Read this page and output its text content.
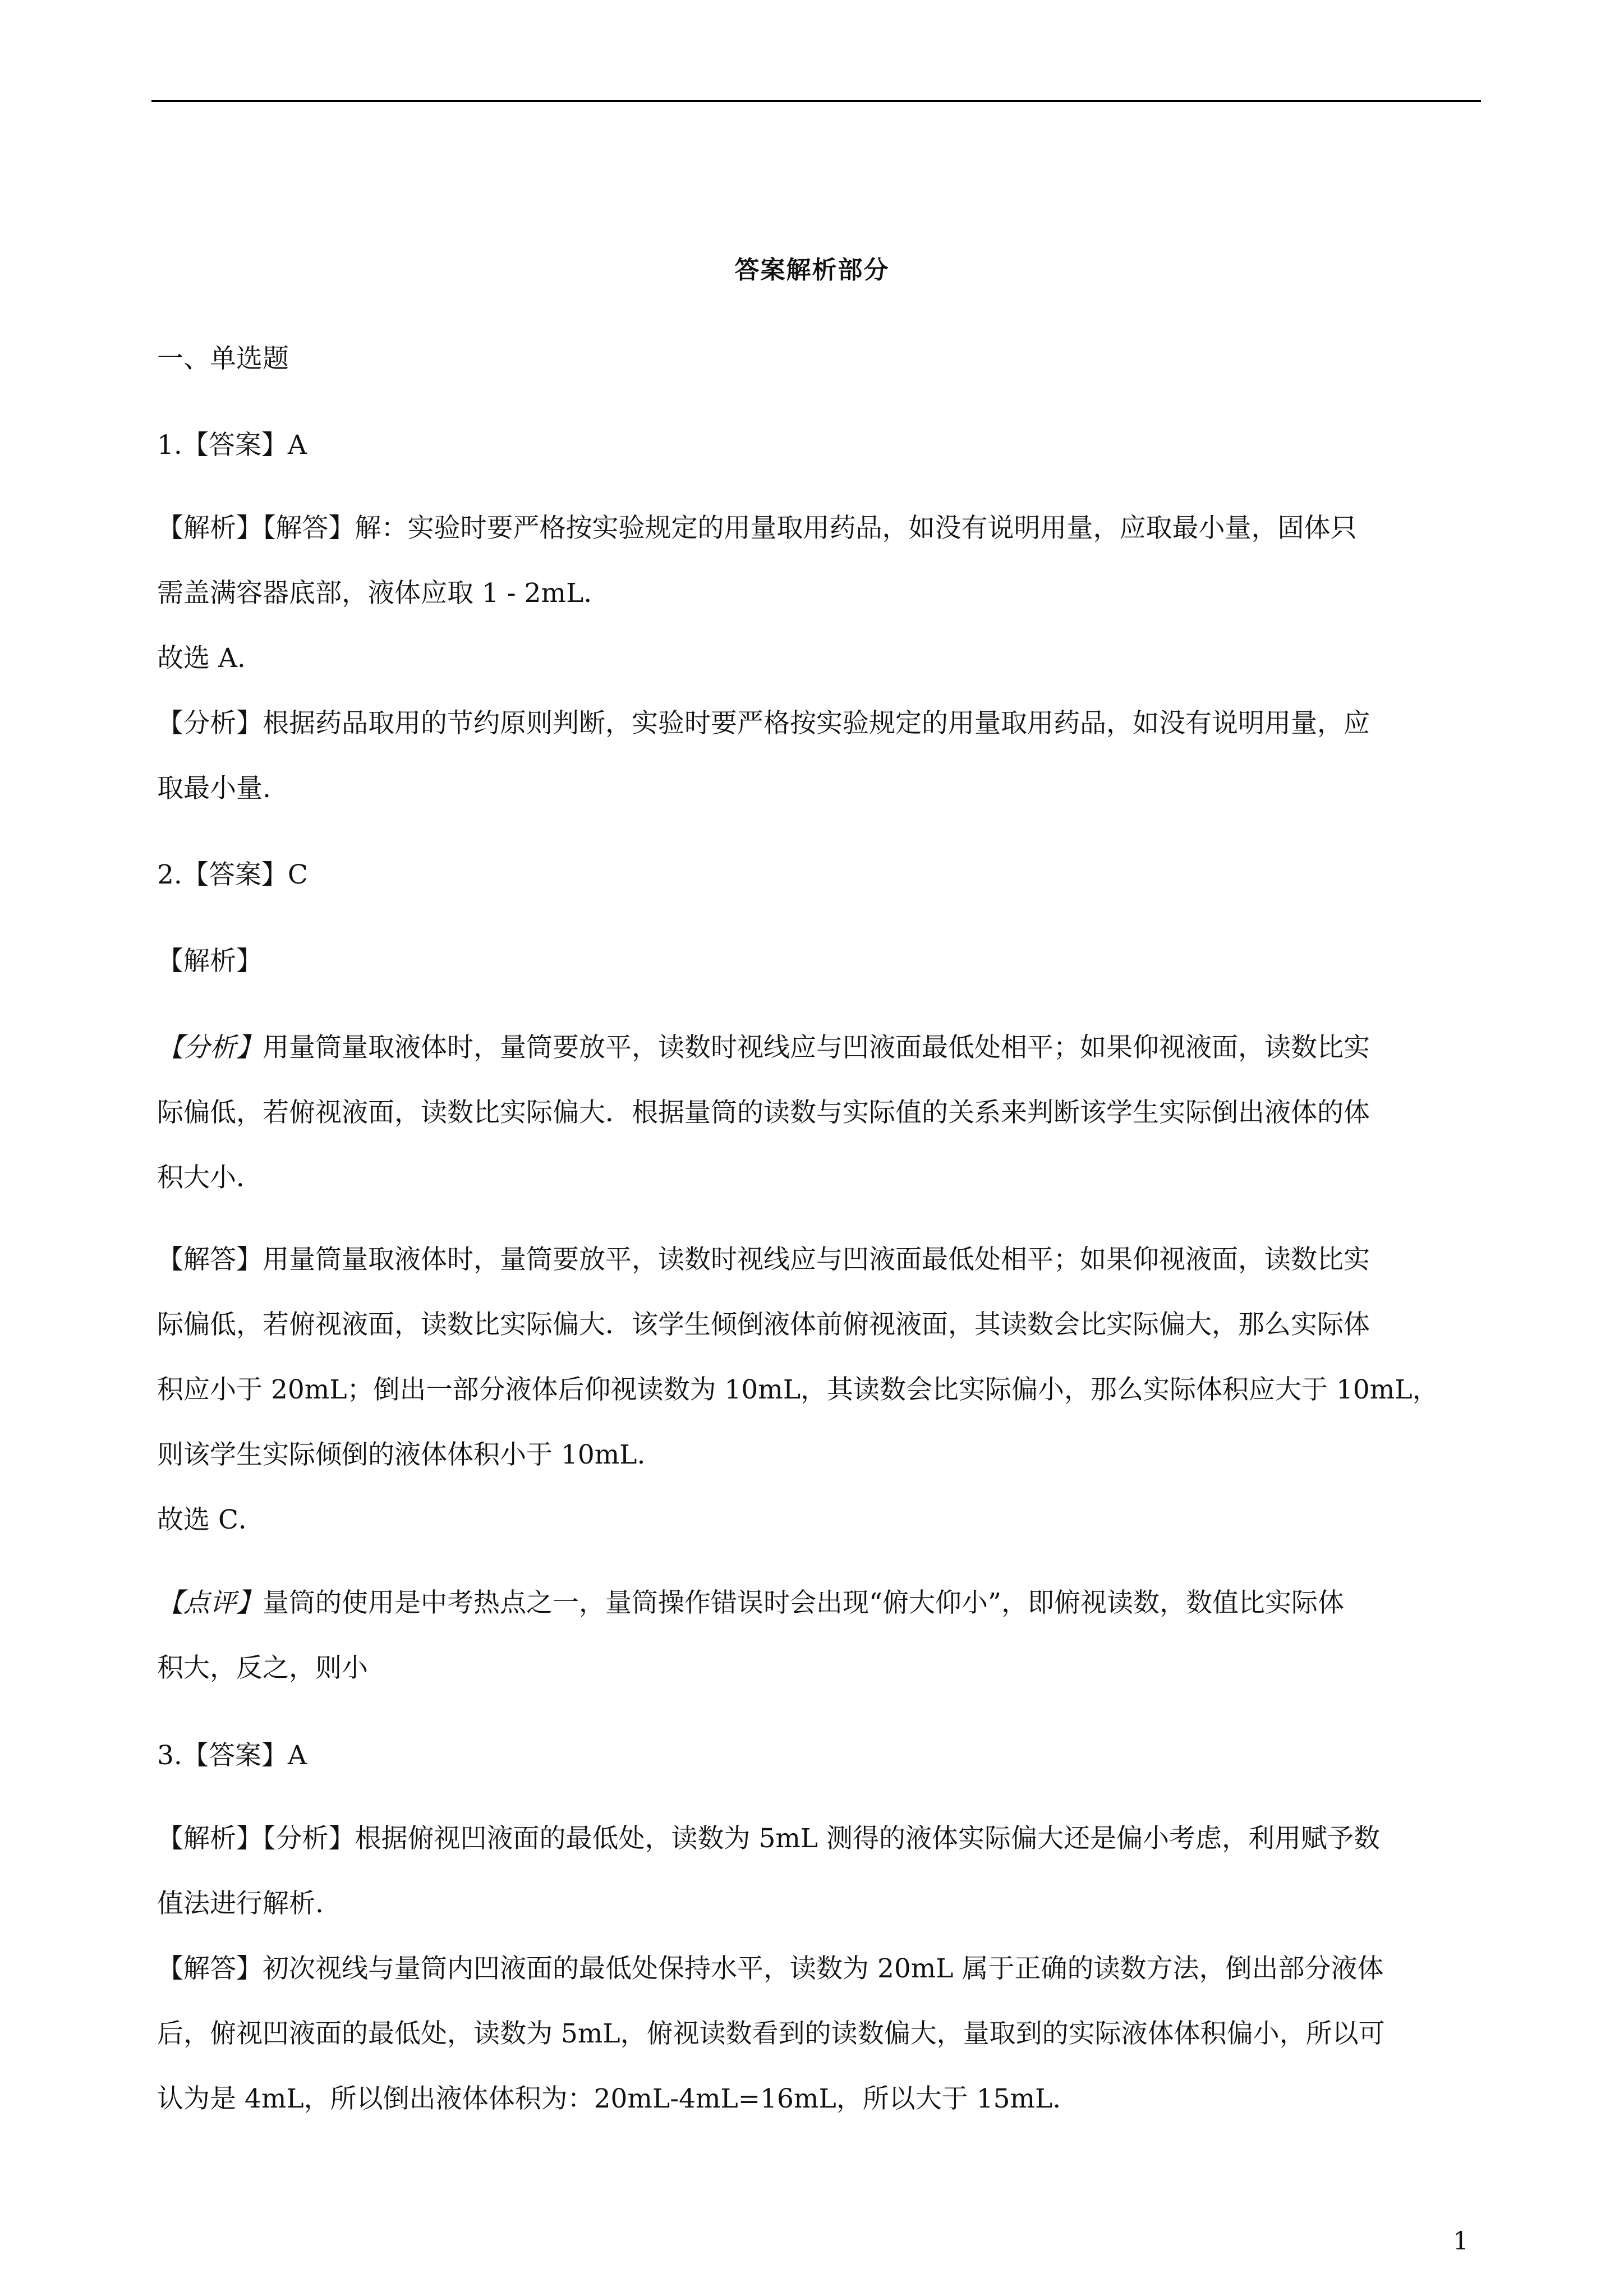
答案解析部分
一、单选题
1.【答案】A
【解析】【解答】解：实验时要严格按实验规定的用量取用药品，如没有说明用量，应取最小量，固体只
需盖满容器底部，液体应取 1 - 2mL.
故选 A.
【分析】根据药品取用的节约原则判断，实验时要严格按实验规定的用量取用药品，如没有说明用量，应
取最小量.
2.【答案】C
【解析】
【分析】用量筒量取液体时，量筒要放平，读数时视线应与凹液面最低处相平；如果仰视液面，读数比实
际偏低，若俯视液面，读数比实际偏大．根据量筒的读数与实际值的关系来判断该学生实际倒出液体的体
积大小．
【解答】用量筒量取液体时，量筒要放平，读数时视线应与凹液面最低处相平；如果仰视液面，读数比实
际偏低，若俯视液面，读数比实际偏大．该学生倾倒液体前俯视液面，其读数会比实际偏大，那么实际体
积应小于 20mL；倒出一部分液体后仰视读数为 10mL，其读数会比实际偏小，那么实际体积应大于 10mL，
则该学生实际倾倒的液体体积小于 10mL.
故选 C．
【点评】量筒的使用是中考热点之一，量筒操作错误时会出现“俯大仰小”，即俯视读数，数值比实际体
积大，反之，则小
3.【答案】A
【解析】【分析】根据俯视凹液面的最低处，读数为 5mL 测得的液体实际偏大还是偏小考虑，利用赋予数
值法进行解析.
【解答】初次视线与量筒内凹液面的最低处保持水平，读数为 20mL 属于正确的读数方法，倒出部分液体
后，俯视凹液面的最低处，读数为 5mL，俯视读数看到的读数偏大，量取到的实际液体体积偏小，所以可
认为是 4mL，所以倒出液体体积为：20mL-4mL=16mL，所以大于 15mL.
1
